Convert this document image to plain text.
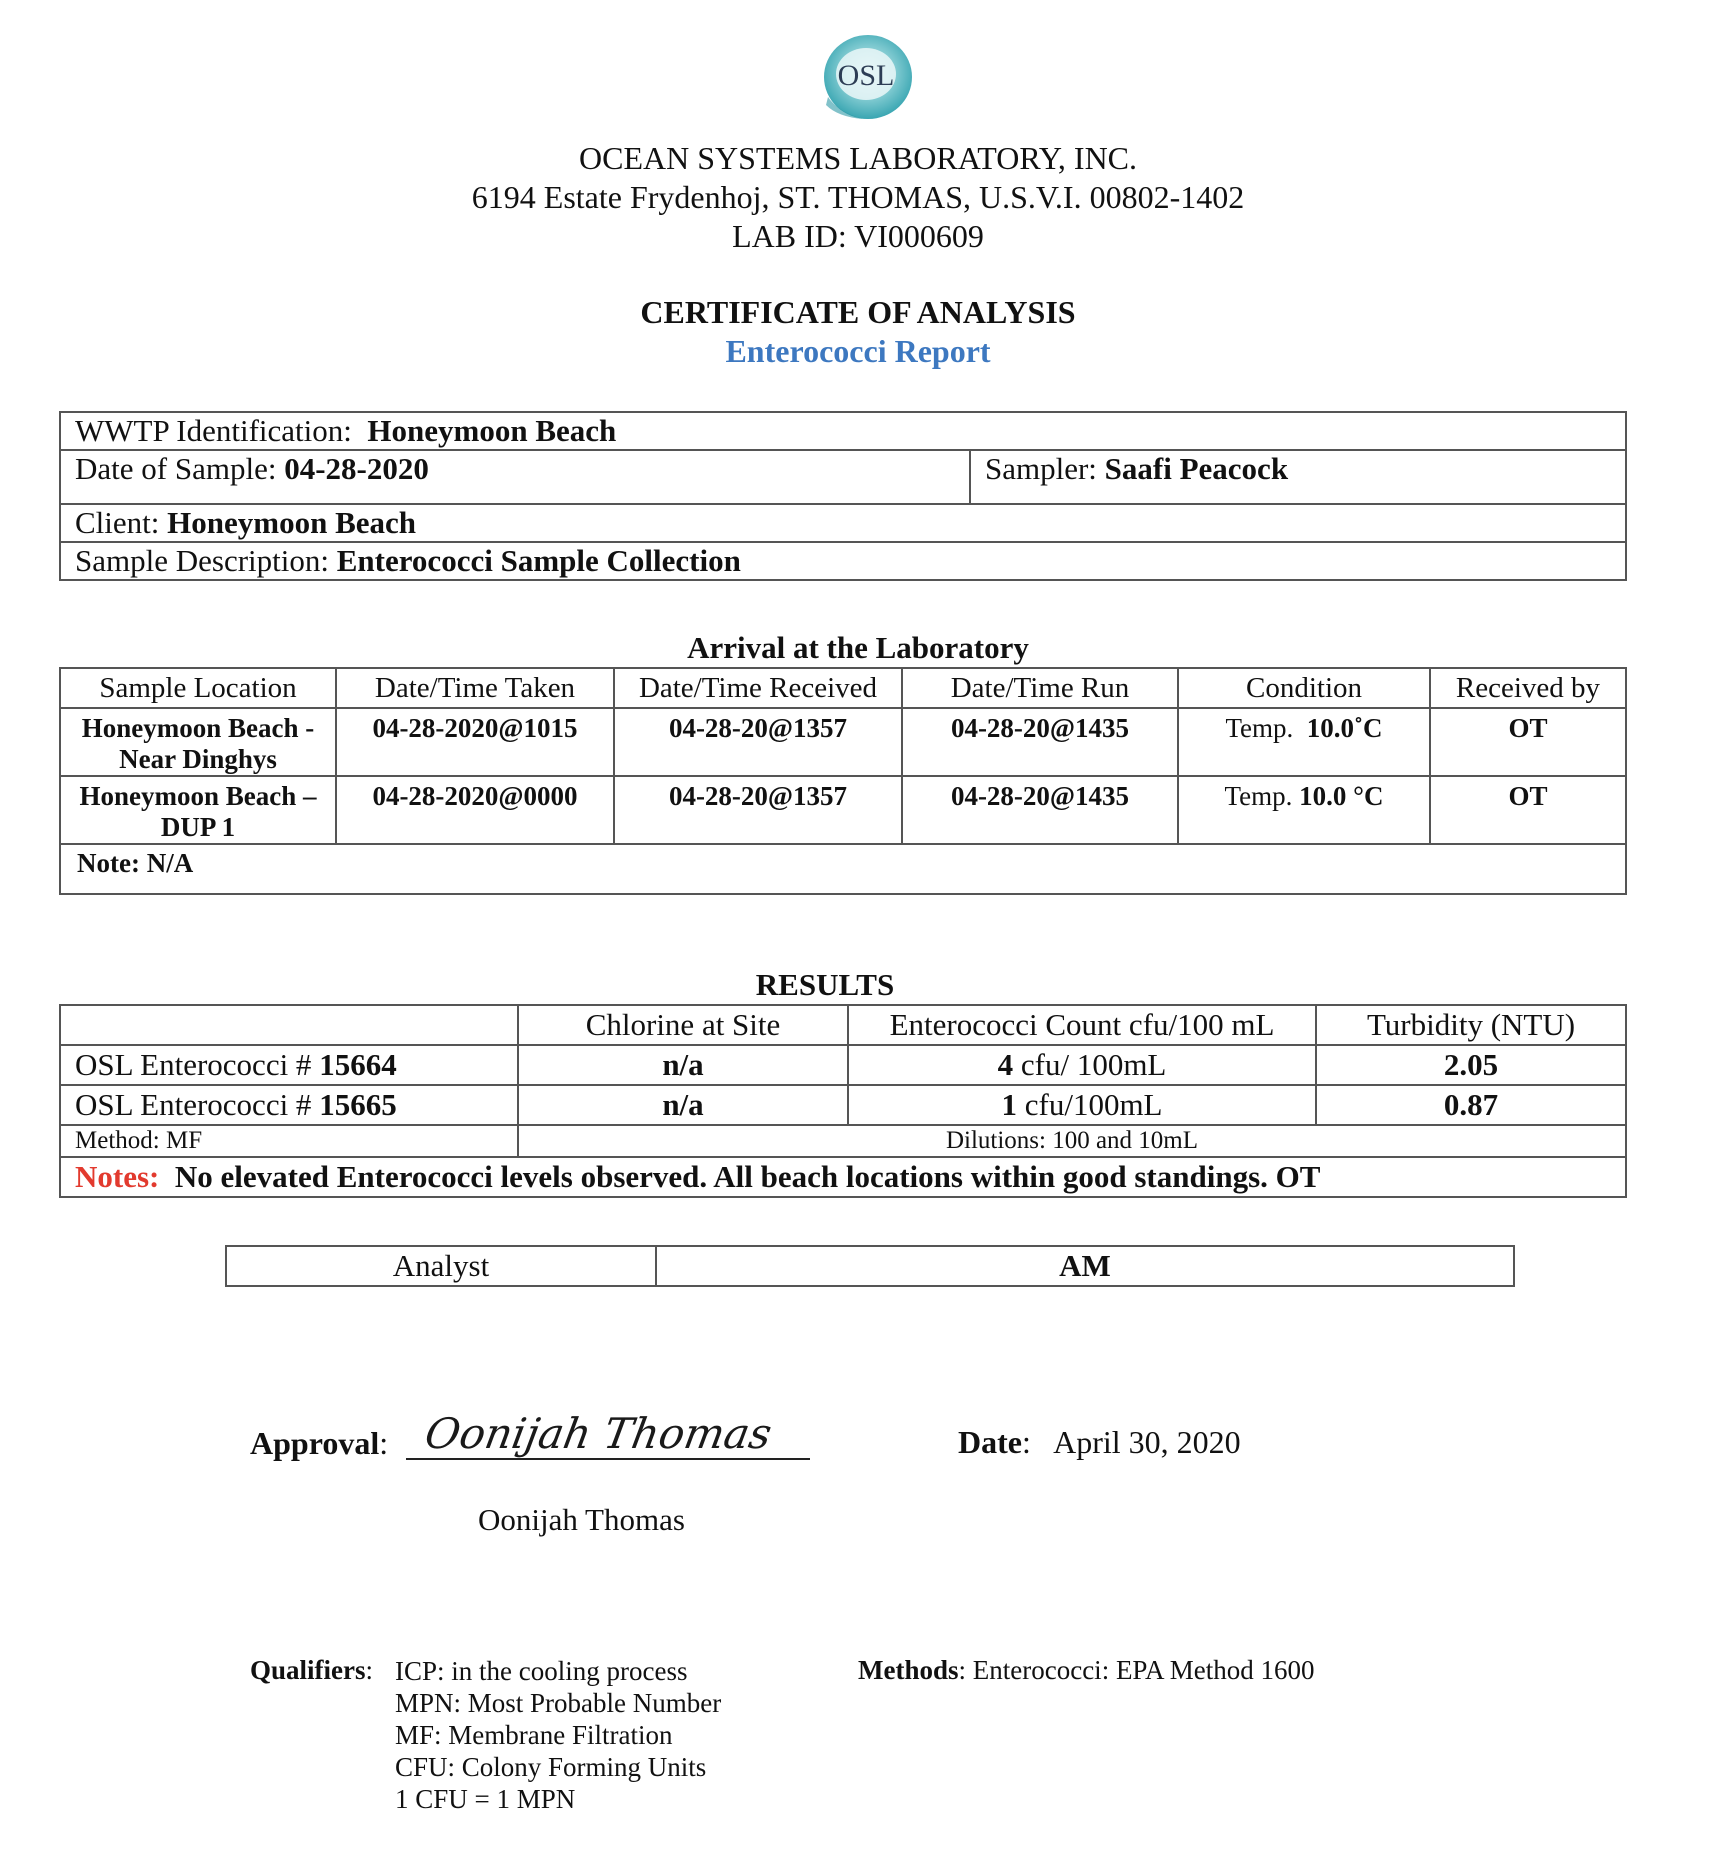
OSL
OCEAN SYSTEMS LABORATORY, INC.
6194 Estate Frydenhoj, ST. THOMAS, U.S.V.I. 00802-1402
LAB ID: VI000609
CERTIFICATE OF ANALYSIS
Enterococci Report
WWTP Identification: Honeymoon Beach
Date of Sample: 04-28-2020	Sampler: Saafi Peacock
Client: Honeymoon Beach
Sample Description: Enterococci Sample Collection
Arrival at the Laboratory
Sample Location	Date/Time Taken	Date/Time Received	Date/Time Run	Condition	Received by
Honeymoon Beach - Near Dinghys	04-28-2020@1015	04-28-20@1357	04-28-20@1435	Temp. 10.0˚C	OT
Honeymoon Beach – DUP 1	04-28-2020@0000	04-28-20@1357	04-28-20@1435	Temp. 10.0 °C	OT
Note: N/A					
RESULTS
	Chlorine at Site	Enterococci Count cfu/100 mL	Turbidity (NTU)
OSL Enterococci # 15664	n/a	4 cfu/ 100mL	2.05
OSL Enterococci # 15665	n/a	1 cfu/100mL	0.87
Method: MF	Dilutions: 100 and 10mL		
Notes: No elevated Enterococci levels observed. All beach locations within good standings. OT			
Analyst	AM
Approval: Oonijah Thomas	Date:   April 30, 2020
Oonijah Thomas
Qualifiers: ICP: in the cooling process
MPN: Most Probable Number
MF: Membrane Filtration
CFU: Colony Forming Units
1 CFU = 1 MPN
Methods: Enterococci: EPA Method 1600
